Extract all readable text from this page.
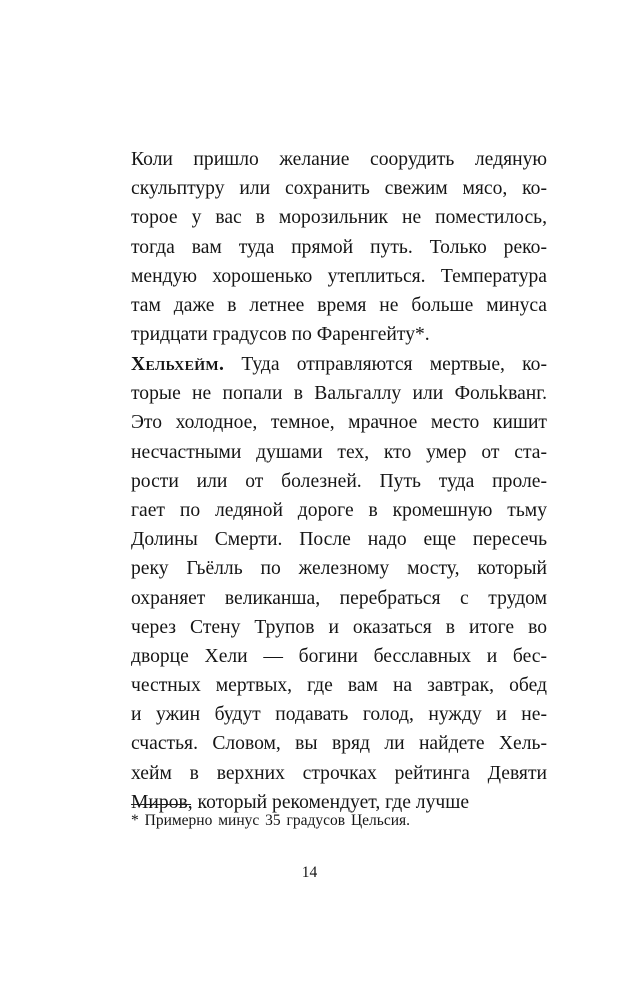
Коли пришло желание соорудить ледяную
скульптуру или сохранить свежим мясо, ко-
торое у вас в морозильник не поместилось,
тогда вам туда прямой путь. Только реко-
мендую хорошенько утеплиться. Температура
там даже в летнее время не больше минуса
тридцати градусов по Фаренгейту*.
Хельхейм. Туда отправляются мертвые, ко-
торые не попали в Вальгаллу или Фольkванг.
Это холодное, темное, мрачное место кишит
несчастными душами тех, кто умер от ста-
рости или от болезней. Путь туда проле-
гает по ледяной дороге в кромешную тьму
Долины Смерти. После надо еще пересечь
реку Гьёлль по железному мосту, который
охраняет великанша, перебраться с трудом
через Стену Трупов и оказаться в итоге во
дворце Хели — богини бесславных и бес-
честных мертвых, где вам на завтрак, обед
и ужин будут подавать голод, нужду и не-
счастья. Словом, вы вряд ли найдете Хель-
хейм в верхних строчках рейтинга Девяти
Миров, который рекомендует, где лучше
* Примерно минус 35 градусов Цельсия.
14
